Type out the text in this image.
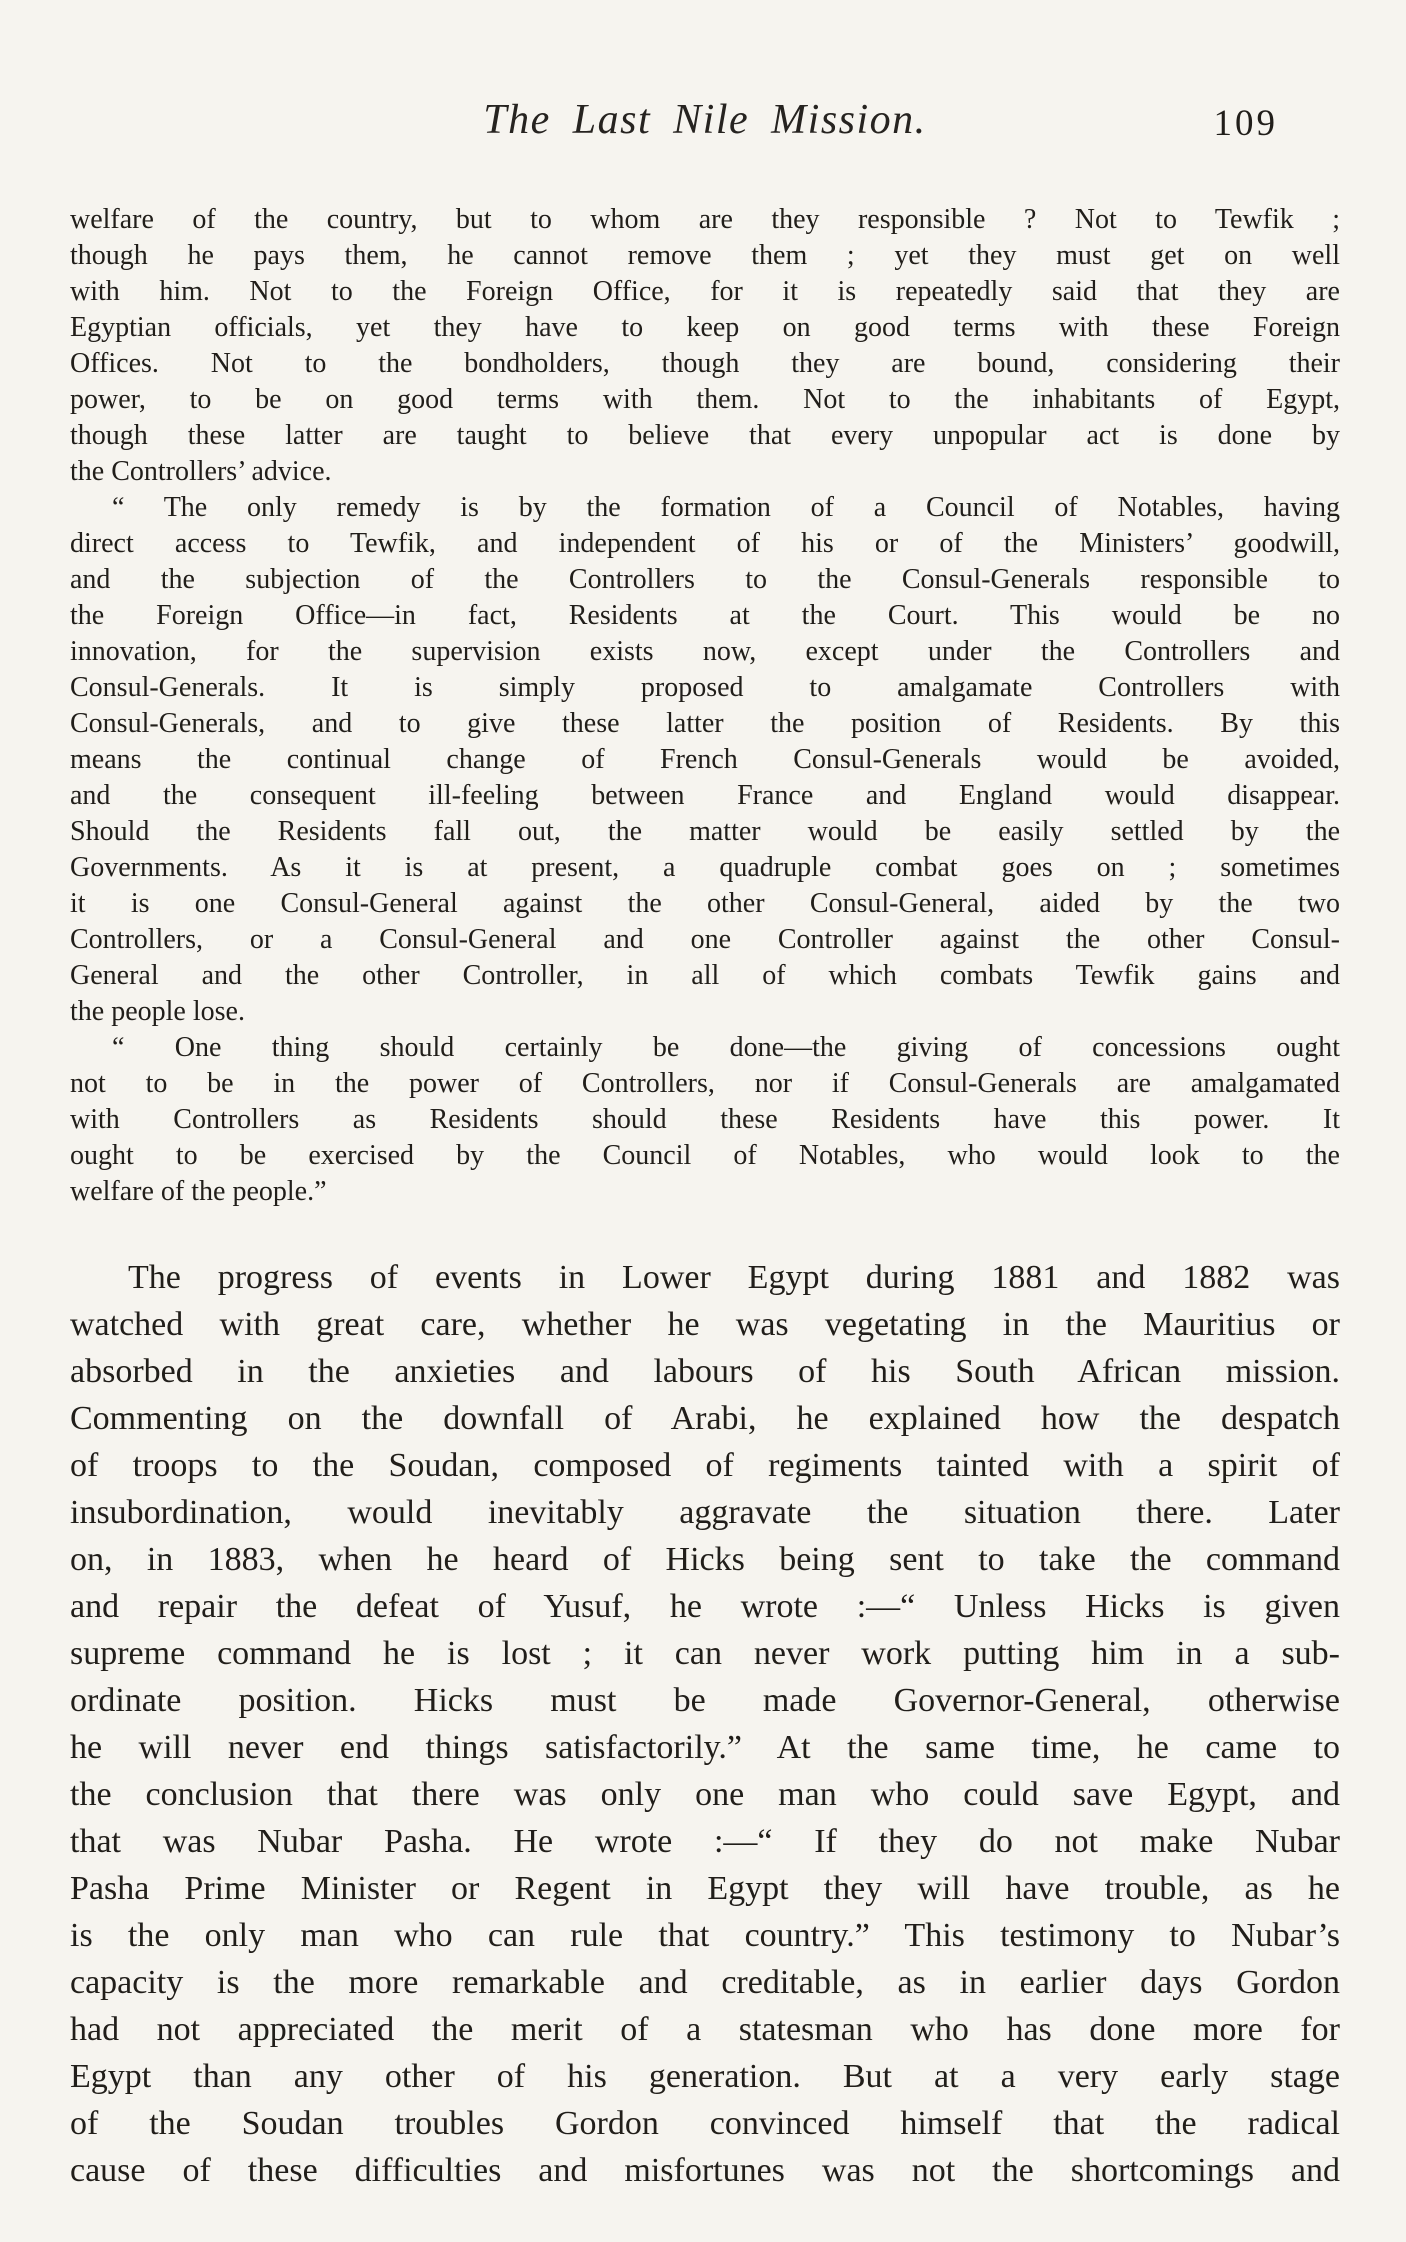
The Last Nile Mission.	109

welfare of the country, but to whom are they responsible ? Not to Tewfik ;
though he pays them, he cannot remove them ; yet they must get on well
with him. Not to the Foreign Office, for it is repeatedly said that they are
Egyptian officials, yet they have to keep on good terms with these Foreign
Offices. Not to the bondholders, though they are bound, considering their
power, to be on good terms with them. Not to the inhabitants of Egypt,
though these latter are taught to believe that every unpopular act is done by
the Controllers’ advice.

“ The only remedy is by the formation of a Council of Notables, having
direct access to Tewfik, and independent of his or of the Ministers’ goodwill,
and the subjection of the Controllers to the Consul-Generals responsible to
the Foreign Office—in fact, Residents at the Court. This would be no
innovation, for the supervision exists now, except under the Controllers and
Consul-Generals. It is simply proposed to amalgamate Controllers with
Consul-Generals, and to give these latter the position of Residents. By this
means the continual change of French Consul-Generals would be avoided,
and the consequent ill-feeling between France and England would disappear.
Should the Residents fall out, the matter would be easily settled by the
Governments. As it is at present, a quadruple combat goes on ; sometimes
it is one Consul-General against the other Consul-General, aided by the two
Controllers, or a Consul-General and one Controller against the other Consul-
General and the other Controller, in all of which combats Tewfik gains and
the people lose.

“ One thing should certainly be done—the giving of concessions ought
not to be in the power of Controllers, nor if Consul-Generals are amalgamated
with Controllers as Residents should these Residents have this power. It
ought to be exercised by the Council of Notables, who would look to the
welfare of the people.”

The progress of events in Lower Egypt during 1881 and 1882 was
watched with great care, whether he was vegetating in the Mauritius or
absorbed in the anxieties and labours of his South African mission.
Commenting on the downfall of Arabi, he explained how the despatch
of troops to the Soudan, composed of regiments tainted with a spirit of
insubordination, would inevitably aggravate the situation there. Later
on, in 1883, when he heard of Hicks being sent to take the command
and repair the defeat of Yusuf, he wrote :—“ Unless Hicks is given
supreme command he is lost ; it can never work putting him in a sub-
ordinate position. Hicks must be made Governor-General, otherwise
he will never end things satisfactorily.” At the same time, he came to
the conclusion that there was only one man who could save Egypt, and
that was Nubar Pasha. He wrote :—“ If they do not make Nubar
Pasha Prime Minister or Regent in Egypt they will have trouble, as he
is the only man who can rule that country.” This testimony to Nubar’s
capacity is the more remarkable and creditable, as in earlier days Gordon
had not appreciated the merit of a statesman who has done more for
Egypt than any other of his generation. But at a very early stage
of the Soudan troubles Gordon convinced himself that the radical
cause of these difficulties and misfortunes was not the shortcomings and
